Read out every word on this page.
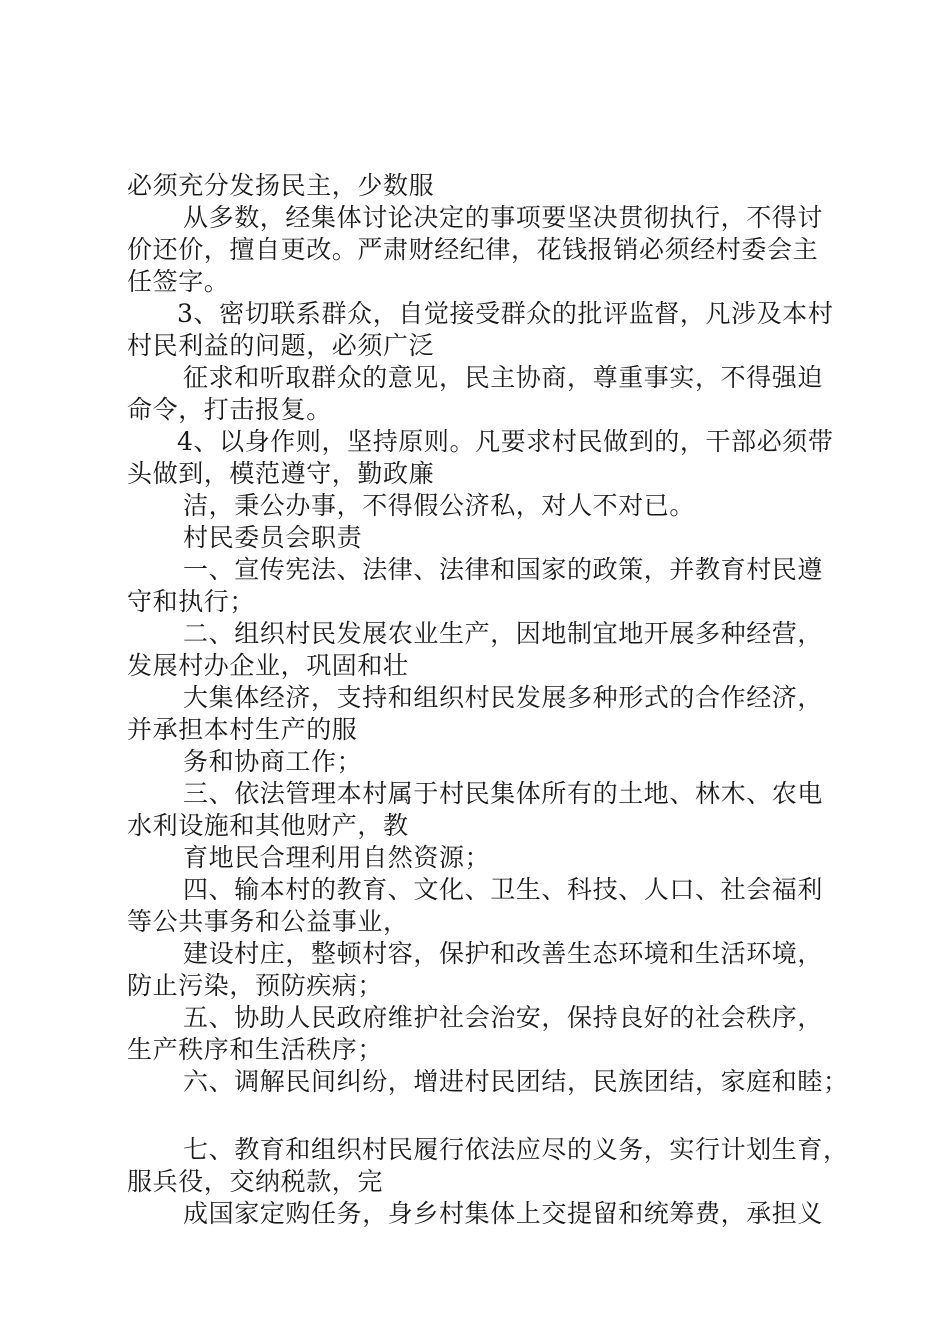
必须充分发扬民主，少数服
从多数，经集体讨论决定的事项要坚决贯彻执行，不得讨
价还价，擅自更改。严肃财经纪律，花钱报销必须经村委会主
任签字。
3、密切联系群众，自觉接受群众的批评监督，凡涉及本村
村民利益的问题，必须广泛
征求和听取群众的意见，民主协商，尊重事实，不得强迫
命令，打击报复。
4、以身作则，坚持原则。凡要求村民做到的，干部必须带
头做到，模范遵守，勤政廉
洁，秉公办事，不得假公济私，对人不对已。
村民委员会职责
一、宣传宪法、法律、法律和国家的政策，并教育村民遵
守和执行；
二、组织村民发展农业生产，因地制宜地开展多种经营，
发展村办企业，巩固和壮
大集体经济，支持和组织村民发展多种形式的合作经济，
并承担本村生产的服
务和协商工作；
三、依法管理本村属于村民集体所有的土地、林木、农电
水利设施和其他财产，教
育地民合理利用自然资源；
四、输本村的教育、文化、卫生、科技、人口、社会福利
等公共事务和公益事业，
建设村庄，整顿村容，保护和改善生态环境和生活环境，
防止污染，预防疾病；
五、协助人民政府维护社会治安，保持良好的社会秩序，
生产秩序和生活秩序；
六、调解民间纠纷，增进村民团结，民族团结，家庭和睦；
七、教育和组织村民履行依法应尽的义务，实行计划生育，
服兵役，交纳税款，完
成国家定购任务，身乡村集体上交提留和统筹费，承担义
